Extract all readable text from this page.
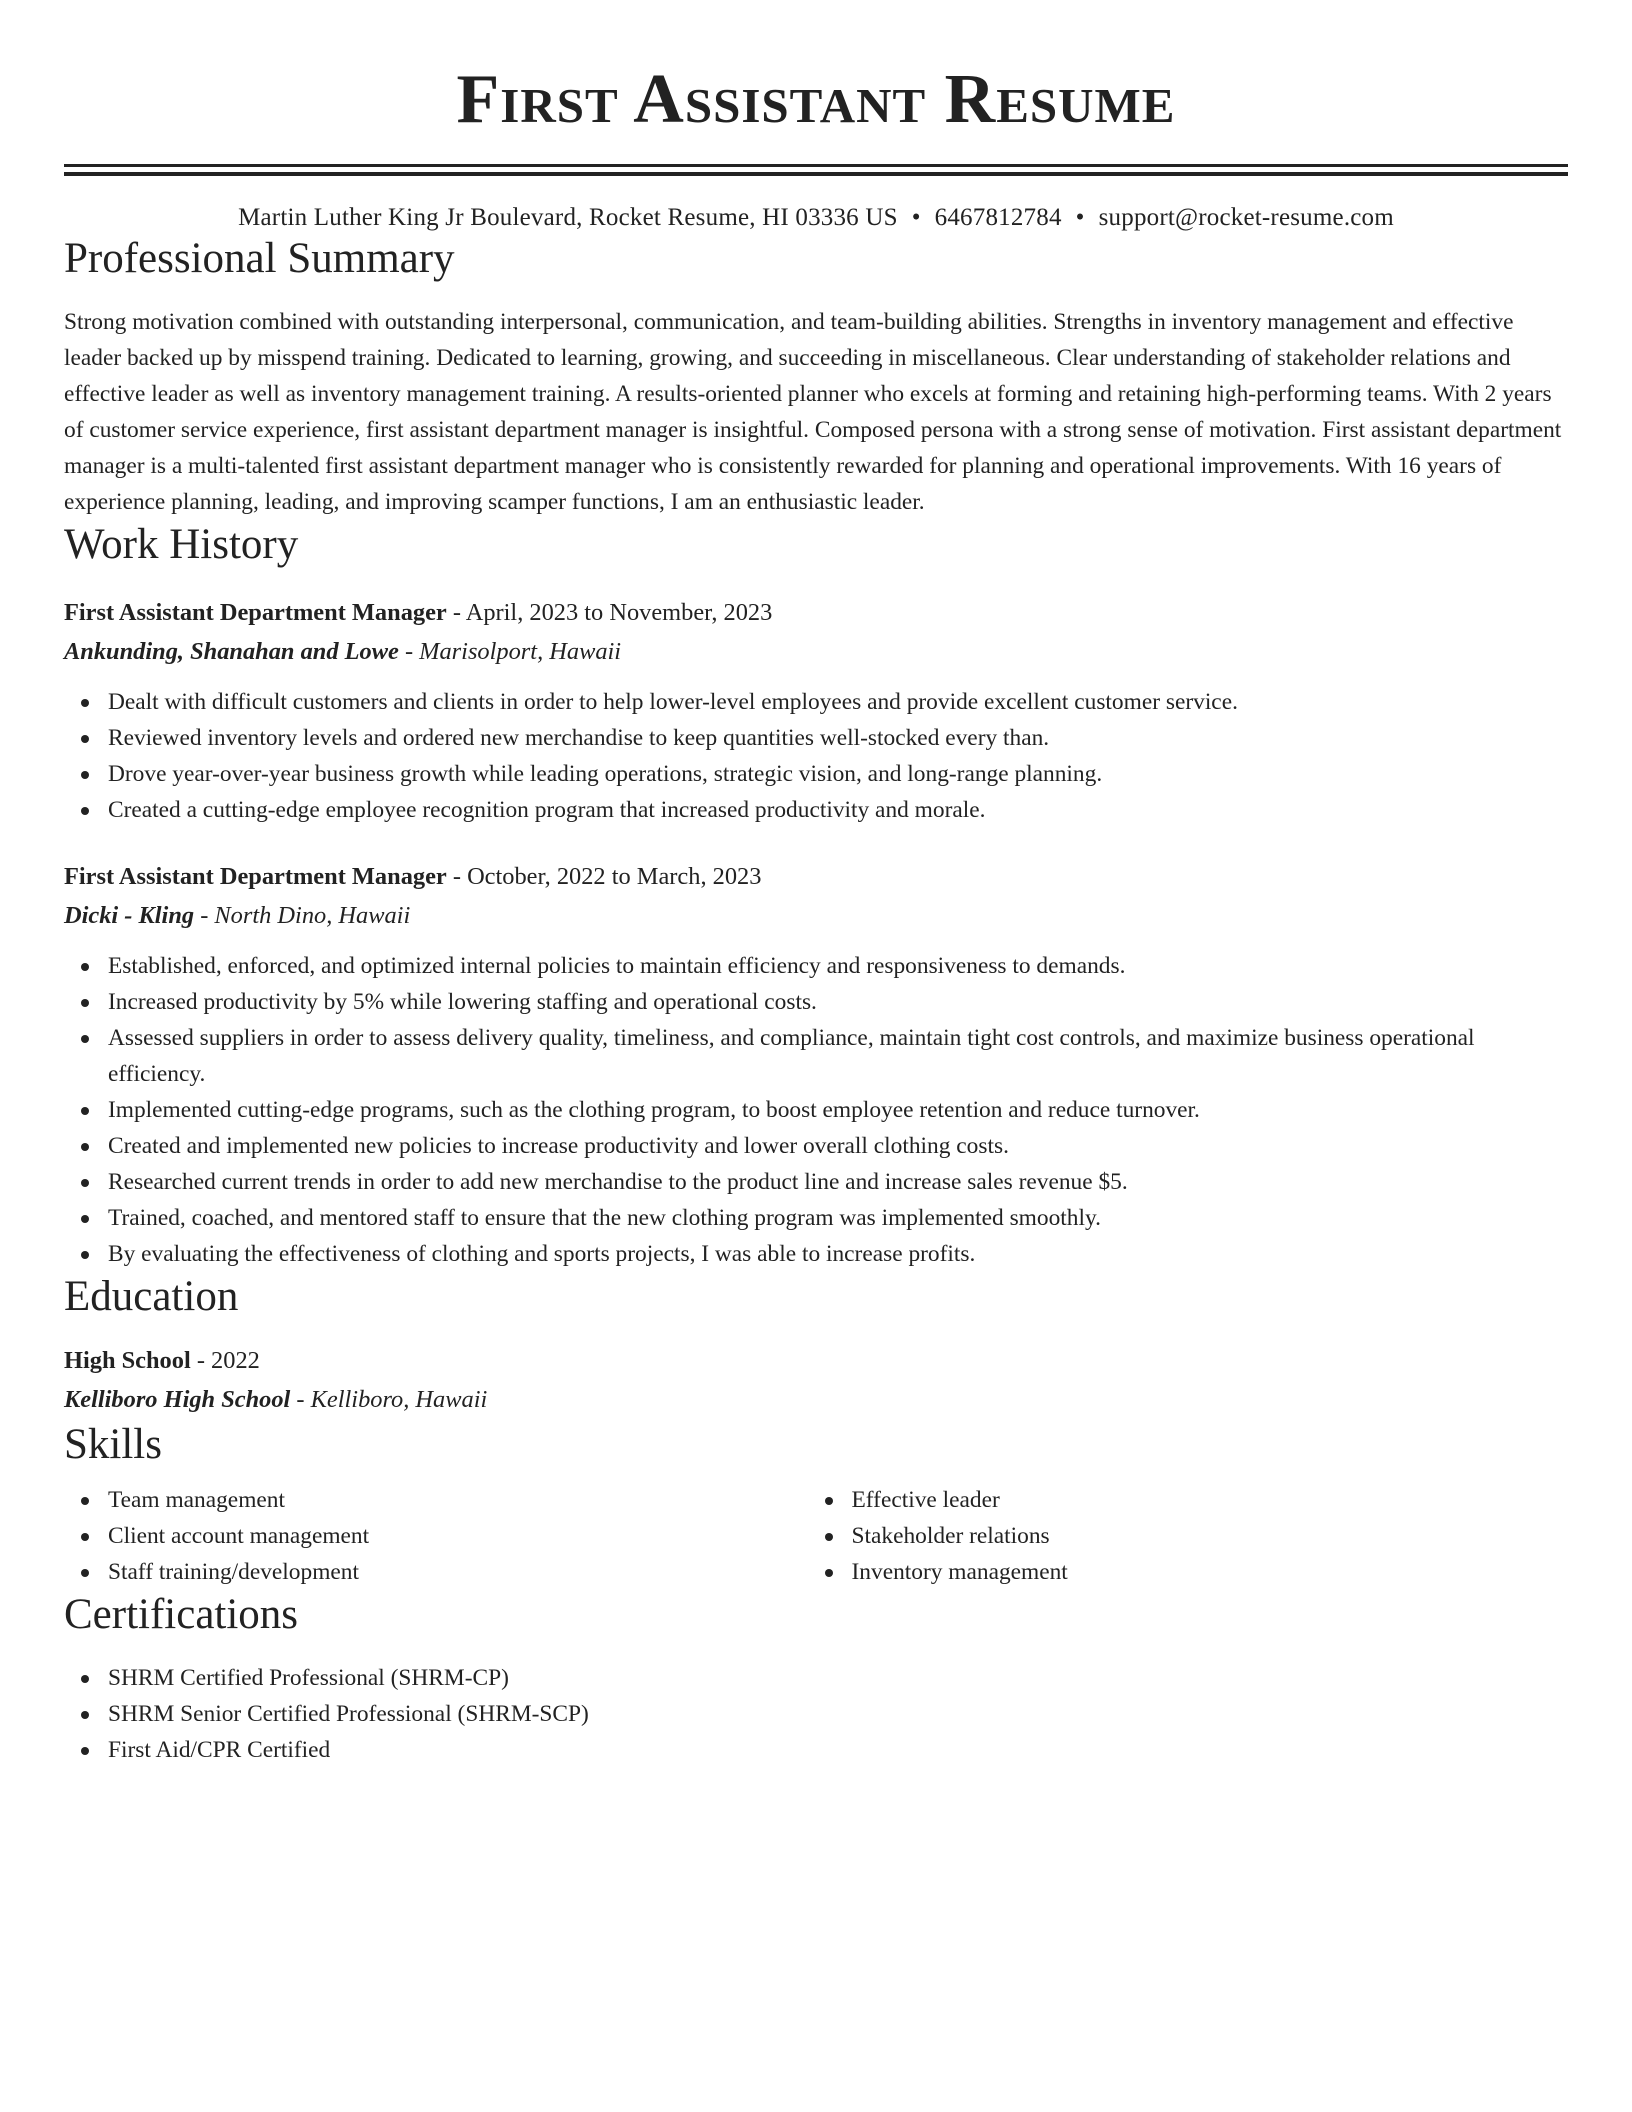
First Assistant Resume
Martin Luther King Jr Boulevard, Rocket Resume, HI 03336 US • 6467812784 • support@rocket-resume.com
Professional Summary

Strong motivation combined with outstanding interpersonal, communication, and team-building abilities. Strengths in inventory management and effective leader backed up by misspend training. Dedicated to learning, growing, and succeeding in miscellaneous. Clear understanding of stakeholder relations and effective leader as well as inventory management training. A results-oriented planner who excels at forming and retaining high-performing teams. With 2 years of customer service experience, first assistant department manager is insightful. Composed persona with a strong sense of motivation. First assistant department manager is a multi-talented first assistant department manager who is consistently rewarded for planning and operational improvements. With 16 years of experience planning, leading, and improving scamper functions, I am an enthusiastic leader.

Work History
First Assistant Department Manager - April, 2023 to November, 2023
Ankunding, Shanahan and Lowe - Marisolport, Hawaii
Dealt with difficult customers and clients in order to help lower-level employees and provide excellent customer service.
Reviewed inventory levels and ordered new merchandise to keep quantities well-stocked every than.
Drove year-over-year business growth while leading operations, strategic vision, and long-range planning.
Created a cutting-edge employee recognition program that increased productivity and morale.
First Assistant Department Manager - October, 2022 to March, 2023
Dicki - Kling - North Dino, Hawaii
Established, enforced, and optimized internal policies to maintain efficiency and responsiveness to demands.
Increased productivity by 5% while lowering staffing and operational costs.
Assessed suppliers in order to assess delivery quality, timeliness, and compliance, maintain tight cost controls, and maximize business operational efficiency.
Implemented cutting-edge programs, such as the clothing program, to boost employee retention and reduce turnover.
Created and implemented new policies to increase productivity and lower overall clothing costs.
Researched current trends in order to add new merchandise to the product line and increase sales revenue $5.
Trained, coached, and mentored staff to ensure that the new clothing program was implemented smoothly.
By evaluating the effectiveness of clothing and sports projects, I was able to increase profits.
Education
High School - 2022
Kelliboro High School - Kelliboro, Hawaii
Skills
Team management
Client account management
Staff training/development
Effective leader
Stakeholder relations
Inventory management
Certifications
SHRM Certified Professional (SHRM-CP)
SHRM Senior Certified Professional (SHRM-SCP)
First Aid/CPR Certified
